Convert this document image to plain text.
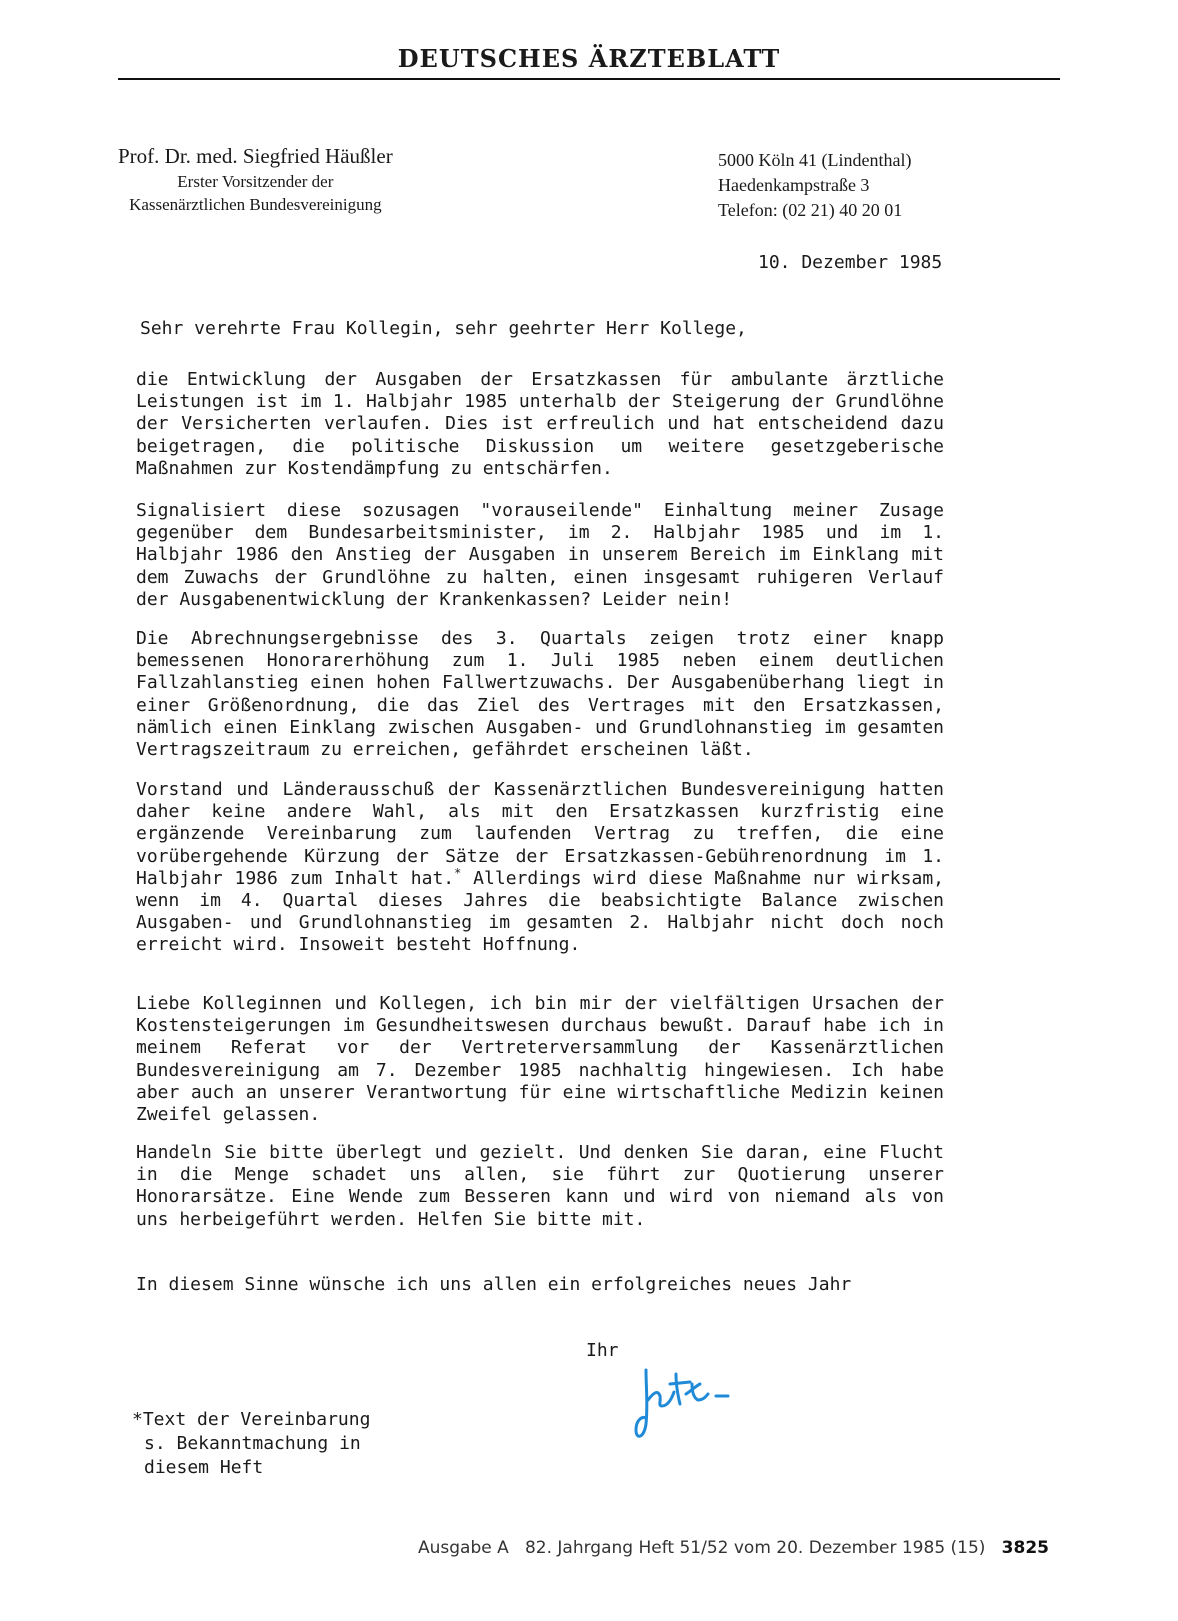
DEUTSCHES ÄRZTEBLATT
Prof. Dr. med. Siegfried Häußler
Erster Vorsitzender der
Kassenärztlichen Bundesvereinigung
5000 Köln 41 (Lindenthal)
Haedenkampstraße 3
Telefon: (02 21) 40 20 01
10. Dezember 1985
Sehr verehrte Frau Kollegin, sehr geehrter Herr Kollege,
die Entwicklung der Ausgaben der Ersatzkassen für ambulante ärztliche Leistungen ist im 1. Halbjahr 1985 unterhalb der Steigerung der Grundlöhne der Versicherten verlaufen. Dies ist erfreulich und hat entscheidend dazu beigetragen, die politische Diskussion um weitere gesetzgeberische Maßnahmen zur Kostendämpfung zu entschärfen.
Signalisiert diese sozusagen "vorauseilende" Einhaltung meiner Zusage gegenüber dem Bundesarbeitsminister, im 2. Halbjahr 1985 und im 1. Halbjahr 1986 den Anstieg der Ausgaben in unserem Bereich im Einklang mit dem Zuwachs der Grundlöhne zu halten, einen insgesamt ruhigeren Verlauf der Ausgabenentwicklung der Krankenkassen? Leider nein!
Die Abrechnungsergebnisse des 3. Quartals zeigen trotz einer knapp bemessenen Honorarerhöhung zum 1. Juli 1985 neben einem deutlichen Fallzahlanstieg einen hohen Fallwertzuwachs. Der Ausgabenüberhang liegt in einer Größenordnung, die das Ziel des Vertrages mit den Ersatzkassen, nämlich einen Einklang zwischen Ausgaben- und Grundlohnanstieg im gesamten Vertragszeitraum zu erreichen, gefährdet erscheinen läßt.
Vorstand und Länderausschuß der Kassenärztlichen Bundesvereinigung hatten daher keine andere Wahl, als mit den Ersatzkassen kurzfristig eine ergänzende Vereinbarung zum laufenden Vertrag zu treffen, die eine vorübergehende Kürzung der Sätze der Ersatzkassen-Gebührenordnung im 1. Halbjahr 1986 zum Inhalt hat.* Allerdings wird diese Maßnahme nur wirksam, wenn im 4. Quartal dieses Jahres die beabsichtigte Balance zwischen Ausgaben- und Grundlohnanstieg im gesamten 2. Halbjahr nicht doch noch erreicht wird. Insoweit besteht Hoffnung.
Liebe Kolleginnen und Kollegen, ich bin mir der vielfältigen Ursachen der Kostensteigerungen im Gesundheitswesen durchaus bewußt. Darauf habe ich in meinem Referat vor der Vertreterversammlung der Kassenärztlichen Bundesvereinigung am 7. Dezember 1985 nachhaltig hingewiesen. Ich habe aber auch an unserer Verantwortung für eine wirtschaftliche Medizin keinen Zweifel gelassen.
Handeln Sie bitte überlegt und gezielt. Und denken Sie daran, eine Flucht in die Menge schadet uns allen, sie führt zur Quotierung unserer Honorarsätze. Eine Wende zum Besseren kann und wird von niemand als von uns herbeigeführt werden. Helfen Sie bitte mit.
In diesem Sinne wünsche ich uns allen ein erfolgreiches neues Jahr
Ihr
*Text der Vereinbarung
s. Bekanntmachung in
diesem Heft
Ausgabe A   82. Jahrgang Heft 51/52 vom 20. Dezember 1985 (15) 3825
